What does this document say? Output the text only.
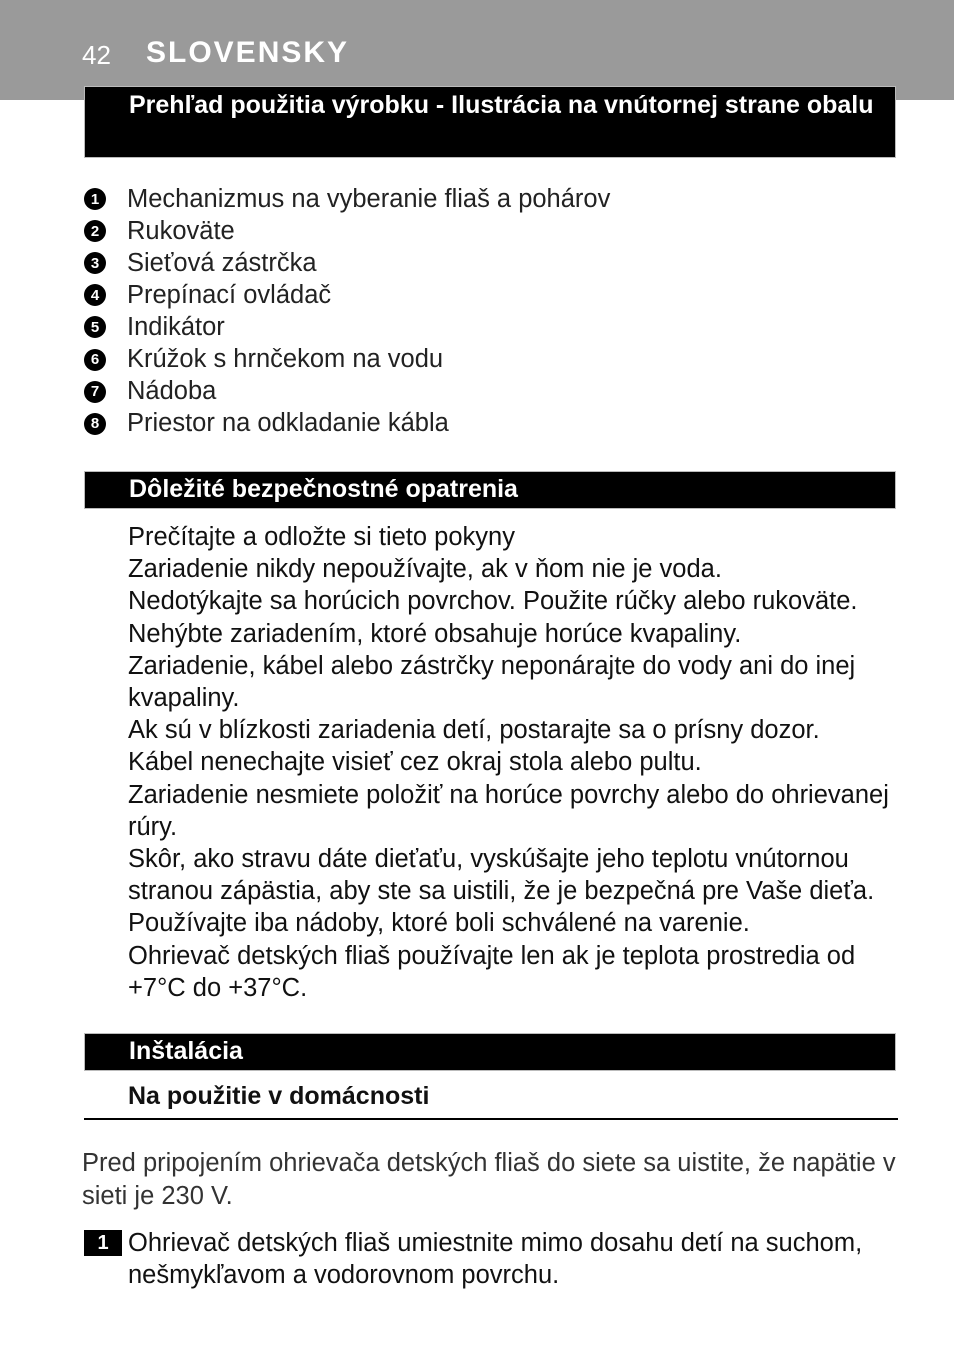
42 SLOVENSKY
Prehľad použitia výrobku - Ilustrácia na vnútornej strane obalu
1 Mechanizmus na vyberanie fliaš a pohárov
2 Rukoväte
3 Sieťová zástrčka
4 Prepínací ovládač
5 Indikátor
6 Krúžok s hrnčekom na vodu
7 Nádoba
8 Priestor na odkladanie kábla
Dôležité bezpečnostné opatrenia

Prečítajte a odložte si tieto pokyny

Zariadenie nikdy nepoužívajte, ak v ňom nie je voda.

Nedotýkajte sa horúcich povrchov. Použite rúčky alebo rukoväte.

Nehýbte zariadením, ktoré obsahuje horúce kvapaliny.

Zariadenie, kábel alebo zástrčky neponárajte do vody ani do inej kvapaliny.

Ak sú v blízkosti zariadenia detí, postarajte sa o prísny dozor.

Kábel nenechajte visieť cez okraj stola alebo pultu.

Zariadenie nesmiete položiť na horúce povrchy alebo do ohrievanej rúry.

Skôr, ako stravu dáte dieťaťu, vyskúšajte jeho teplotu vnútornou stranou zápästia, aby ste sa uistili, že je bezpečná pre Vaše dieťa.

Používajte iba nádoby, ktoré boli schválené na varenie.

Ohrievač detských fliaš používajte len ak je teplota prostredia od +7°C do +37°C.

Inštalácia
Na použitie v domácnosti

Pred pripojením ohrievača detských fliaš do siete sa uistite, že napätie v sieti je 230 V.

1 Ohrievač detských fliaš umiestnite mimo dosahu detí na suchom, nešmykľavom a vodorovnom povrchu.
